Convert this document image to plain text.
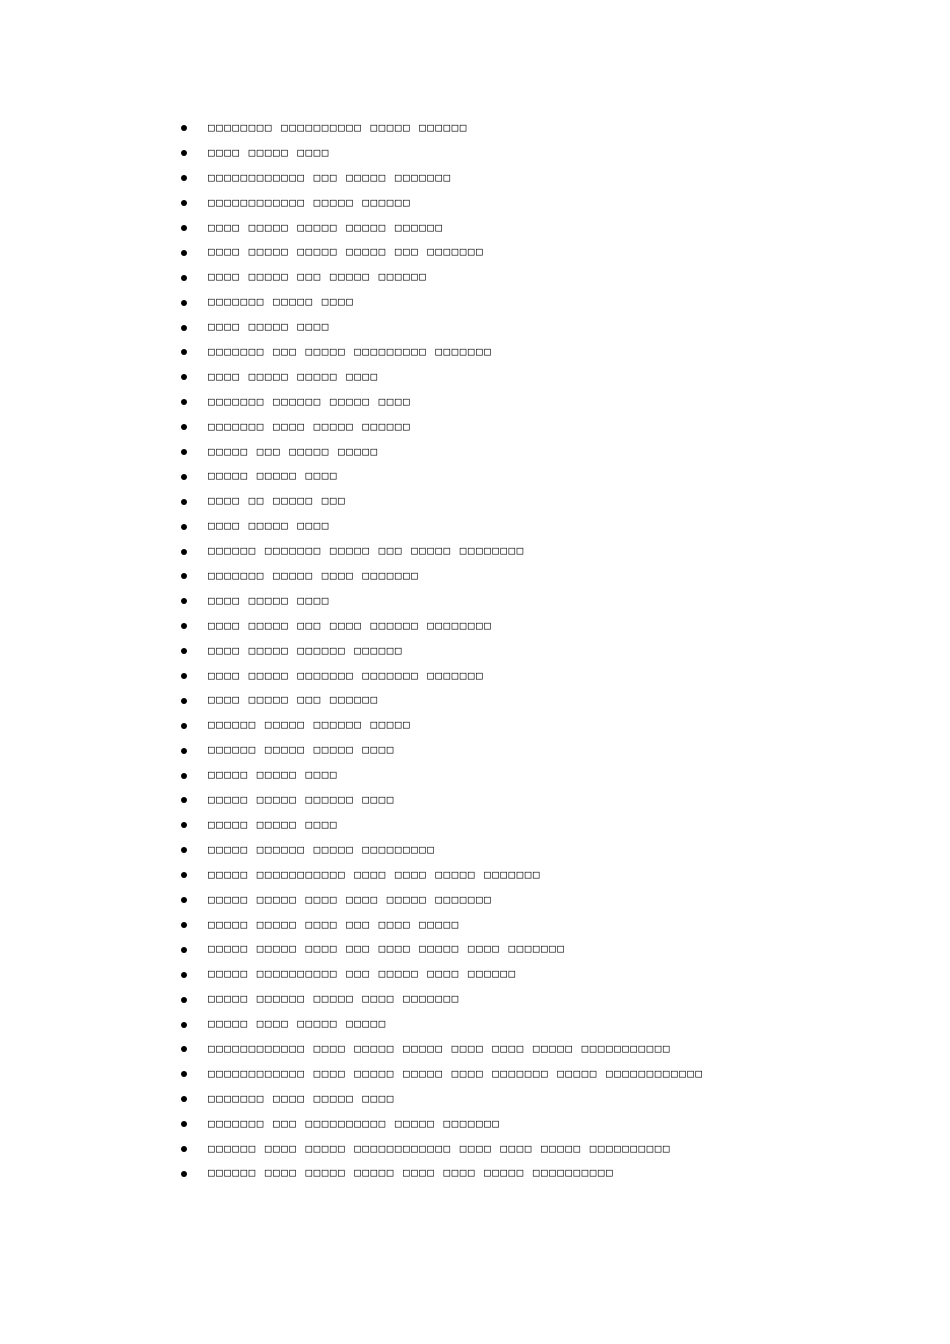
□□□□□□□□ □□□□□□□□□□ □□□□□ □□□□□□
□□□□ □□□□□ □□□□
□□□□□□□□□□□□ □□□ □□□□□ □□□□□□□
□□□□□□□□□□□□ □□□□□ □□□□□□
□□□□ □□□□□ □□□□□ □□□□□ □□□□□□
□□□□ □□□□□ □□□□□ □□□□□ □□□ □□□□□□□
□□□□ □□□□□ □□□ □□□□□ □□□□□□
□□□□□□□ □□□□□ □□□□
□□□□ □□□□□ □□□□
□□□□□□□ □□□ □□□□□ □□□□□□□□□ □□□□□□□
□□□□ □□□□□ □□□□□ □□□□
□□□□□□□ □□□□□□ □□□□□ □□□□
□□□□□□□ □□□□ □□□□□ □□□□□□
□□□□□ □□□ □□□□□ □□□□□
□□□□□ □□□□□ □□□□
□□□□ □□ □□□□□ □□□
□□□□ □□□□□ □□□□
□□□□□□ □□□□□□□ □□□□□ □□□ □□□□□ □□□□□□□□
□□□□□□□ □□□□□ □□□□ □□□□□□□
□□□□ □□□□□ □□□□
□□□□ □□□□□ □□□ □□□□ □□□□□□ □□□□□□□□
□□□□ □□□□□ □□□□□□ □□□□□□
□□□□ □□□□□ □□□□□□□ □□□□□□□ □□□□□□□
□□□□ □□□□□ □□□ □□□□□□
□□□□□□ □□□□□ □□□□□□ □□□□□
□□□□□□ □□□□□ □□□□□ □□□□
□□□□□ □□□□□ □□□□
□□□□□ □□□□□ □□□□□□ □□□□
□□□□□ □□□□□ □□□□
□□□□□ □□□□□□ □□□□□ □□□□□□□□□
□□□□□ □□□□□□□□□□□ □□□□ □□□□ □□□□□ □□□□□□□
□□□□□ □□□□□ □□□□ □□□□ □□□□□ □□□□□□□
□□□□□ □□□□□ □□□□ □□□ □□□□ □□□□□
□□□□□ □□□□□ □□□□ □□□ □□□□ □□□□□ □□□□ □□□□□□□
□□□□□ □□□□□□□□□□ □□□ □□□□□ □□□□ □□□□□□
□□□□□ □□□□□□ □□□□□ □□□□ □□□□□□□
□□□□□ □□□□ □□□□□ □□□□□
□□□□□□□□□□□□ □□□□ □□□□□ □□□□□ □□□□ □□□□ □□□□□ □□□□□□□□□□□
□□□□□□□□□□□□ □□□□ □□□□□ □□□□□ □□□□ □□□□□□□ □□□□□ □□□□□□□□□□□□
□□□□□□□ □□□□ □□□□□ □□□□
□□□□□□□ □□□ □□□□□□□□□□ □□□□□ □□□□□□□
□□□□□□ □□□□ □□□□□ □□□□□□□□□□□□ □□□□ □□□□ □□□□□ □□□□□□□□□□
□□□□□□ □□□□ □□□□□ □□□□□ □□□□ □□□□ □□□□□ □□□□□□□□□□
